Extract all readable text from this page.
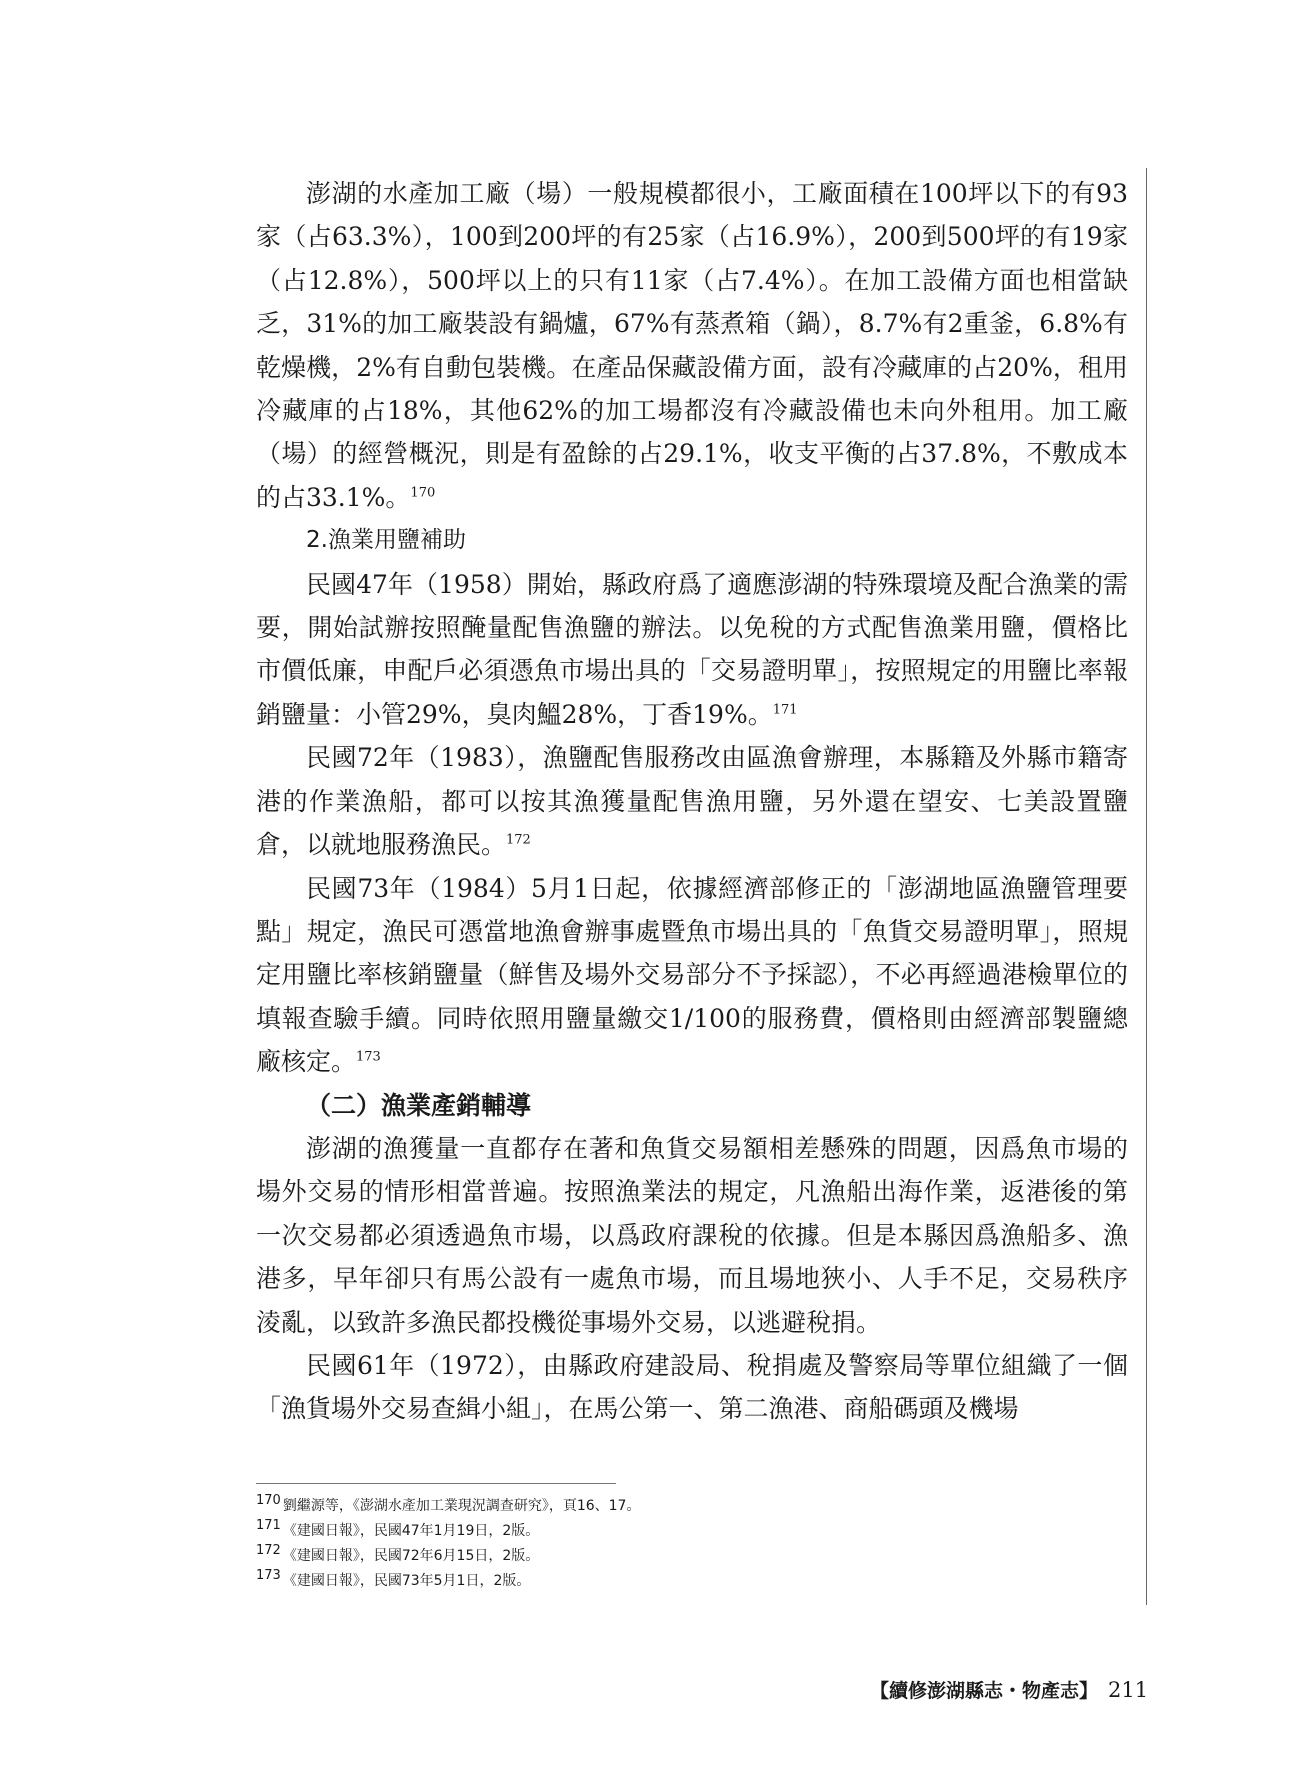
澎湖的水產加工廠（場）一般規模都很小，工廠面積在100坪以下的有93家（占63.3%），100到200坪的有25家（占16.9%），200到500坪的有19家（占12.8%），500坪以上的只有11家（占7.4%）。在加工設備方面也相當缺乏，31%的加工廠裝設有鍋爐，67%有蒸煮箱（鍋），8.7%有2重釜，6.8%有乾燥機，2%有自動包裝機。在產品保藏設備方面，設有冷藏庫的占20%，租用冷藏庫的占18%，其他62%的加工場都沒有冷藏設備也未向外租用。加工廠（場）的經營概況，則是有盈餘的占29.1%，收支平衡的占37.8%，不敷成本的占33.1%。$^{170}$

2.漁業用鹽補助

民國47年（1958）開始，縣政府爲了適應澎湖的特殊環境及配合漁業的需要，開始試辦按照醃量配售漁鹽的辦法。以免稅的方式配售漁業用鹽，價格比市價低廉，申配戶必須憑魚市場出具的「交易證明單」，按照規定的用鹽比率報銷鹽量：小管29%，臭肉鰮28%，丁香19%。$^{171}$

民國72年（1983），漁鹽配售服務改由區漁會辦理，本縣籍及外縣市籍寄港的作業漁船，都可以按其漁獲量配售漁用鹽，另外還在望安、七美設置鹽倉，以就地服務漁民。$^{172}$

民國73年（1984）5月1日起，依據經濟部修正的「澎湖地區漁鹽管理要點」規定，漁民可憑當地漁會辦事處暨魚市場出具的「魚貨交易證明單」，照規定用鹽比率核銷鹽量（鮮售及場外交易部分不予採認），不必再經過港檢單位的填報查驗手續。同時依照用鹽量繳交1/100的服務費，價格則由經濟部製鹽總廠核定。$^{173}$

（二）漁業產銷輔導

澎湖的漁獲量一直都存在著和魚貨交易額相差懸殊的問題，因爲魚市場的場外交易的情形相當普遍。按照漁業法的規定，凡漁船出海作業，返港後的第一次交易都必須透過魚市場，以爲政府課稅的依據。但是本縣因爲漁船多、漁港多，早年卻只有馬公設有一處魚市場，而且場地狹小、人手不足，交易秩序淩亂，以致許多漁民都投機從事場外交易，以逃避稅捐。

民國61年（1972），由縣政府建設局、稅捐處及警察局等單位組織了一個「漁貨場外交易查緝小組」，在馬公第一、第二漁港、商船碼頭及機場

170 劉繼源等，《澎湖水產加工業現況調查研究》，頁16、17。

171 《建國日報》，民國47年1月19日，2版。

172 《建國日報》，民國72年6月15日，2版。

173 《建國日報》，民國73年5月1日，2版。

【續修澎湖縣志・物產志】 211
